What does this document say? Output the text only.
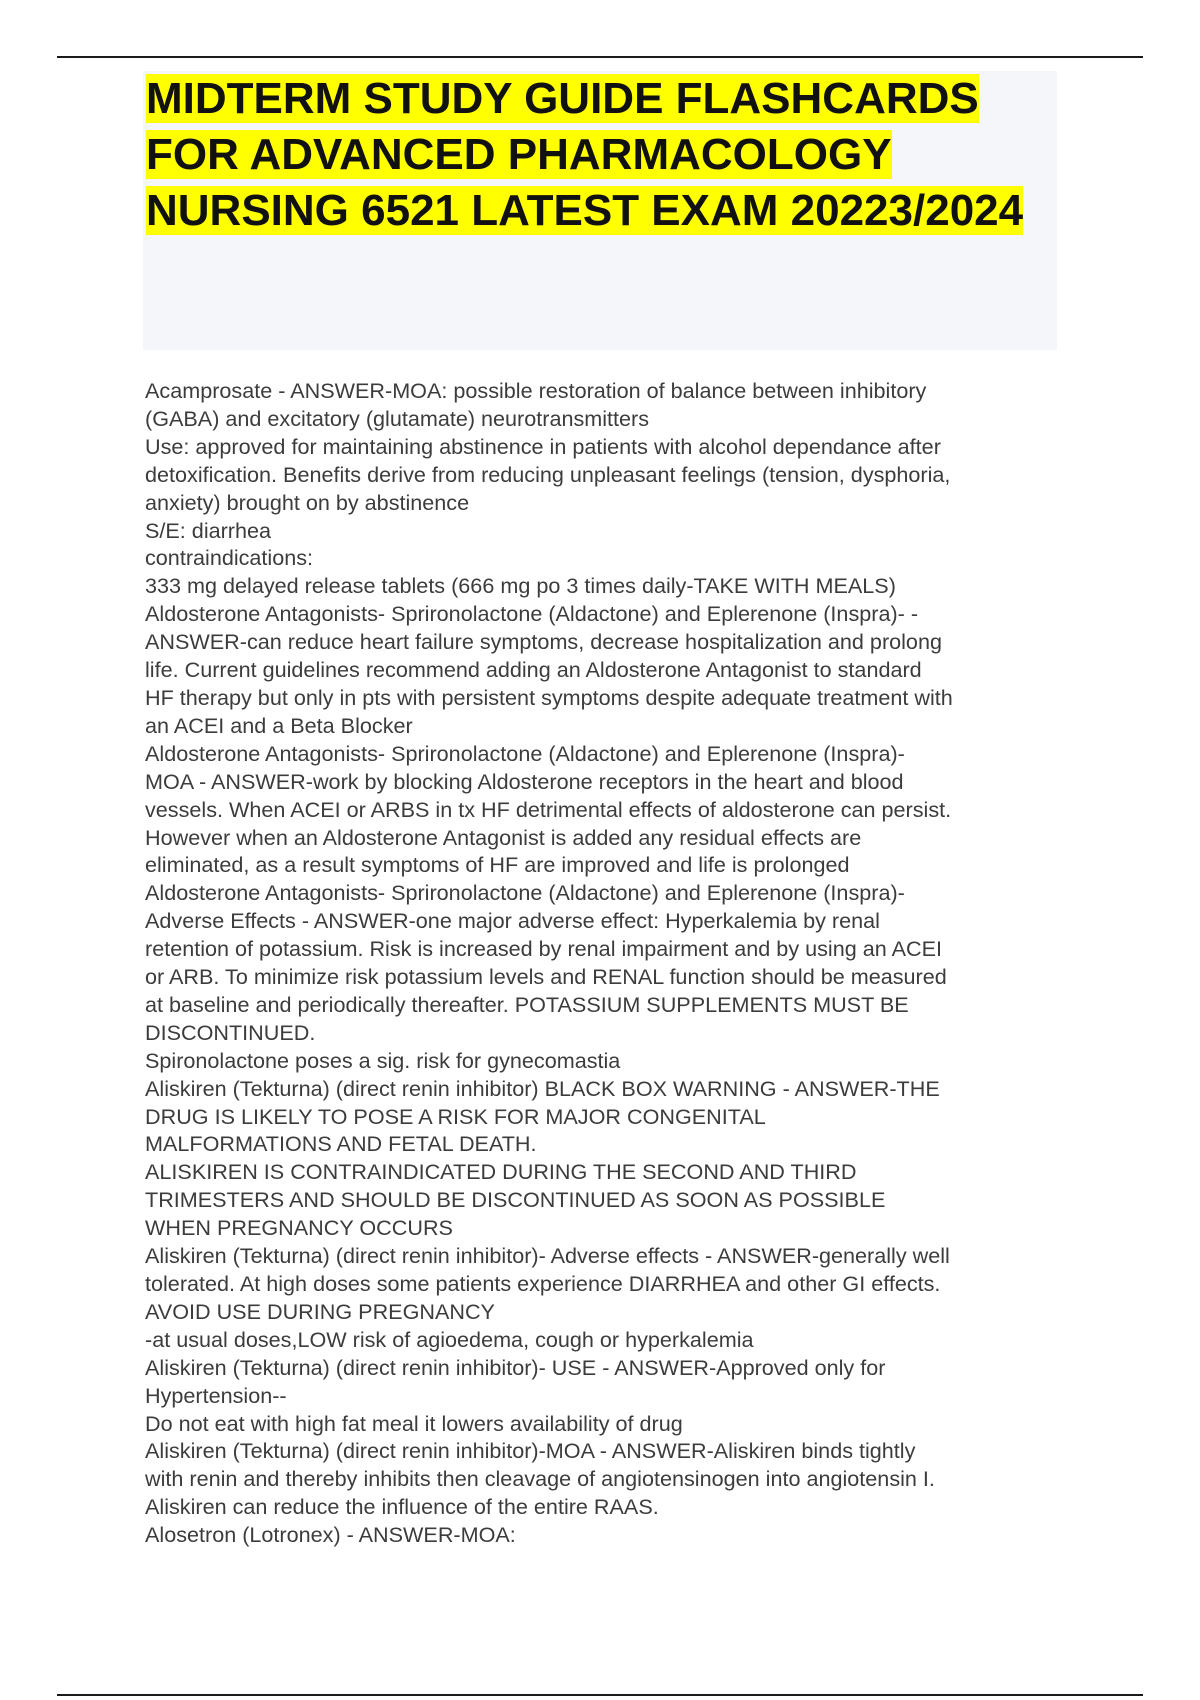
MIDTERM STUDY GUIDE FLASHCARDS FOR ADVANCED PHARMACOLOGY NURSING 6521 LATEST EXAM 20223/2024
Acamprosate - ANSWER-MOA: possible restoration of balance between inhibitory
(GABA) and excitatory (glutamate) neurotransmitters
Use: approved for maintaining abstinence in patients with alcohol dependance after
detoxification. Benefits derive from reducing unpleasant feelings (tension, dysphoria,
anxiety) brought on by abstinence
S/E: diarrhea
contraindications:
333 mg delayed release tablets (666 mg po 3 times daily-TAKE WITH MEALS)
Aldosterone Antagonists- Sprironolactone (Aldactone) and Eplerenone (Inspra)- -
ANSWER-can reduce heart failure symptoms, decrease hospitalization and prolong
life. Current guidelines recommend adding an Aldosterone Antagonist to standard
HF therapy but only in pts with persistent symptoms despite adequate treatment with
an ACEI and a Beta Blocker
Aldosterone Antagonists- Sprironolactone (Aldactone) and Eplerenone (Inspra)-
MOA - ANSWER-work by blocking Aldosterone receptors in the heart and blood
vessels. When ACEI or ARBS in tx HF detrimental effects of aldosterone can persist.
However when an Aldosterone Antagonist is added any residual effects are
eliminated, as a result symptoms of HF are improved and life is prolonged
Aldosterone Antagonists- Sprironolactone (Aldactone) and Eplerenone (Inspra)-
Adverse Effects - ANSWER-one major adverse effect: Hyperkalemia by renal
retention of potassium. Risk is increased by renal impairment and by using an ACEI
or ARB. To minimize risk potassium levels and RENAL function should be measured
at baseline and periodically thereafter. POTASSIUM SUPPLEMENTS MUST BE
DISCONTINUED.
Spironolactone poses a sig. risk for gynecomastia
Aliskiren (Tekturna) (direct renin inhibitor) BLACK BOX WARNING - ANSWER-THE
DRUG IS LIKELY TO POSE A RISK FOR MAJOR CONGENITAL
MALFORMATIONS AND FETAL DEATH.
ALISKIREN IS CONTRAINDICATED DURING THE SECOND AND THIRD
TRIMESTERS AND SHOULD BE DISCONTINUED AS SOON AS POSSIBLE
WHEN PREGNANCY OCCURS
Aliskiren (Tekturna) (direct renin inhibitor)- Adverse effects - ANSWER-generally well
tolerated. At high doses some patients experience DIARRHEA and other GI effects.
AVOID USE DURING PREGNANCY
-at usual doses,LOW risk of agioedema, cough or hyperkalemia
Aliskiren (Tekturna) (direct renin inhibitor)- USE - ANSWER-Approved only for
Hypertension--
Do not eat with high fat meal it lowers availability of drug
Aliskiren (Tekturna) (direct renin inhibitor)-MOA - ANSWER-Aliskiren binds tightly
with renin and thereby inhibits then cleavage of angiotensinogen into angiotensin I.
Aliskiren can reduce the influence of the entire RAAS.
Alosetron (Lotronex) - ANSWER-MOA:
